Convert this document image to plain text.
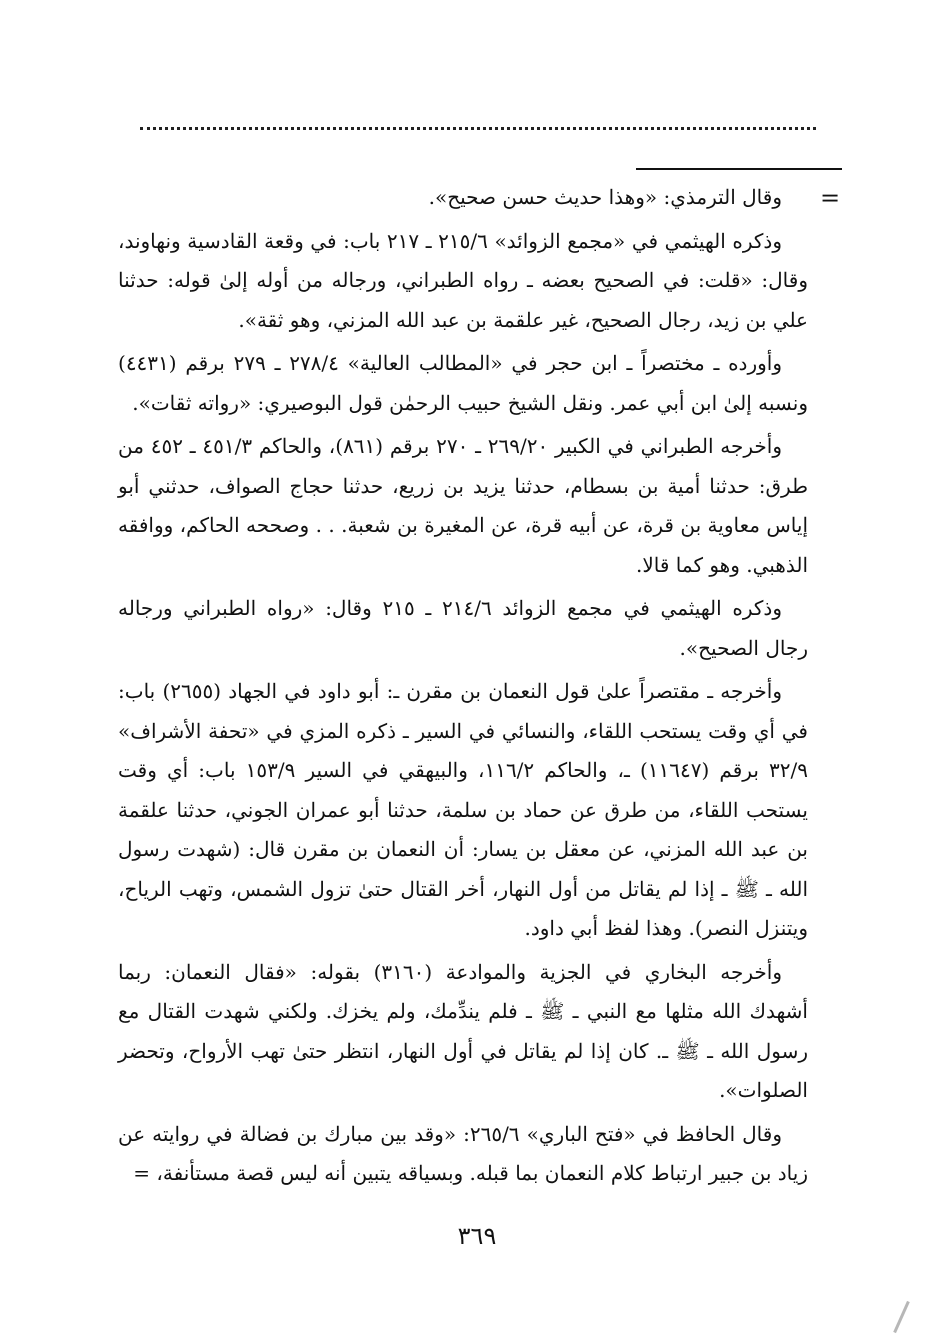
=

وقال الترمذي: «وهذا حديث حسن صحيح».

وذكره الهيثمي في «مجمع الزوائد» ٢١٥/٦ ـ ٢١٧ باب: في وقعة القادسية ونهاوند، وقال: «قلت: في الصحيح بعضه ـ رواه الطبراني، ورجاله من أوله إلىٰ قوله: حدثنا علي بن زيد، رجال الصحيح، غير علقمة بن عبد الله المزني، وهو ثقة».

وأورده ـ مختصراً ـ ابن حجر في «المطالب العالية» ٢٧٨/٤ ـ ٢٧٩ برقم (٤٤٣١) ونسبه إلىٰ ابن أبي عمر. ونقل الشيخ حبيب الرحمٰن قول البوصيري: «رواته ثقات».

وأخرجه الطبراني في الكبير ٢٦٩/٢٠ ـ ٢٧٠ برقم (٨٦١)، والحاكم ٤٥١/٣ ـ ٤٥٢ من طرق: حدثنا أمية بن بسطام، حدثنا يزيد بن زريع، حدثنا حجاج الصواف، حدثني أبو إياس معاوية بن قرة، عن أبيه قرة، عن المغيرة بن شعبة. . . وصححه الحاكم، ووافقه الذهبي. وهو كما قالا.

وذكره الهيثمي في مجمع الزوائد ٢١٤/٦ ـ ٢١٥ وقال: «رواه الطبراني ورجاله رجال الصحيح».

وأخرجه ـ مقتصراً علىٰ قول النعمان بن مقرن ـ: أبو داود في الجهاد (٢٦٥٥) باب: في أي وقت يستحب اللقاء، والنسائي في السير ـ ذكره المزي في «تحفة الأشراف» ٣٢/٩ برقم (١١٦٤٧) ـ، والحاكم ١١٦/٢، والبيهقي في السير ١٥٣/٩ باب: أي وقت يستحب اللقاء، من طرق عن حماد بن سلمة، حدثنا أبو عمران الجوني، حدثنا علقمة بن عبد الله المزني، عن معقل بن يسار: أن النعمان بن مقرن قال: (شهدت رسول الله ـ ﷺ ـ إذا لم يقاتل من أول النهار، أخر القتال حتىٰ تزول الشمس، وتهب الرياح، ويتنزل النصر). وهذا لفظ أبي داود.

وأخرجه البخاري في الجزية والموادعة (٣١٦٠) بقوله: «فقال النعمان: ربما أشهدك الله مثلها مع النبي ـ ﷺ ـ فلم يندِّمك، ولم يخزك. ولكني شهدت القتال مع رسول الله ـ ﷺ ـ. كان إذا لم يقاتل في أول النهار، انتظر حتىٰ تهب الأرواح، وتحضر الصلوات».

وقال الحافظ في «فتح الباري» ٢٦٥/٦: «وقد بين مبارك بن فضالة في روايته عن زياد بن جبير ارتباط كلام النعمان بما قبله. وبسياقه يتبين أنه ليس قصة مستأنفة، =

٣٦٩
